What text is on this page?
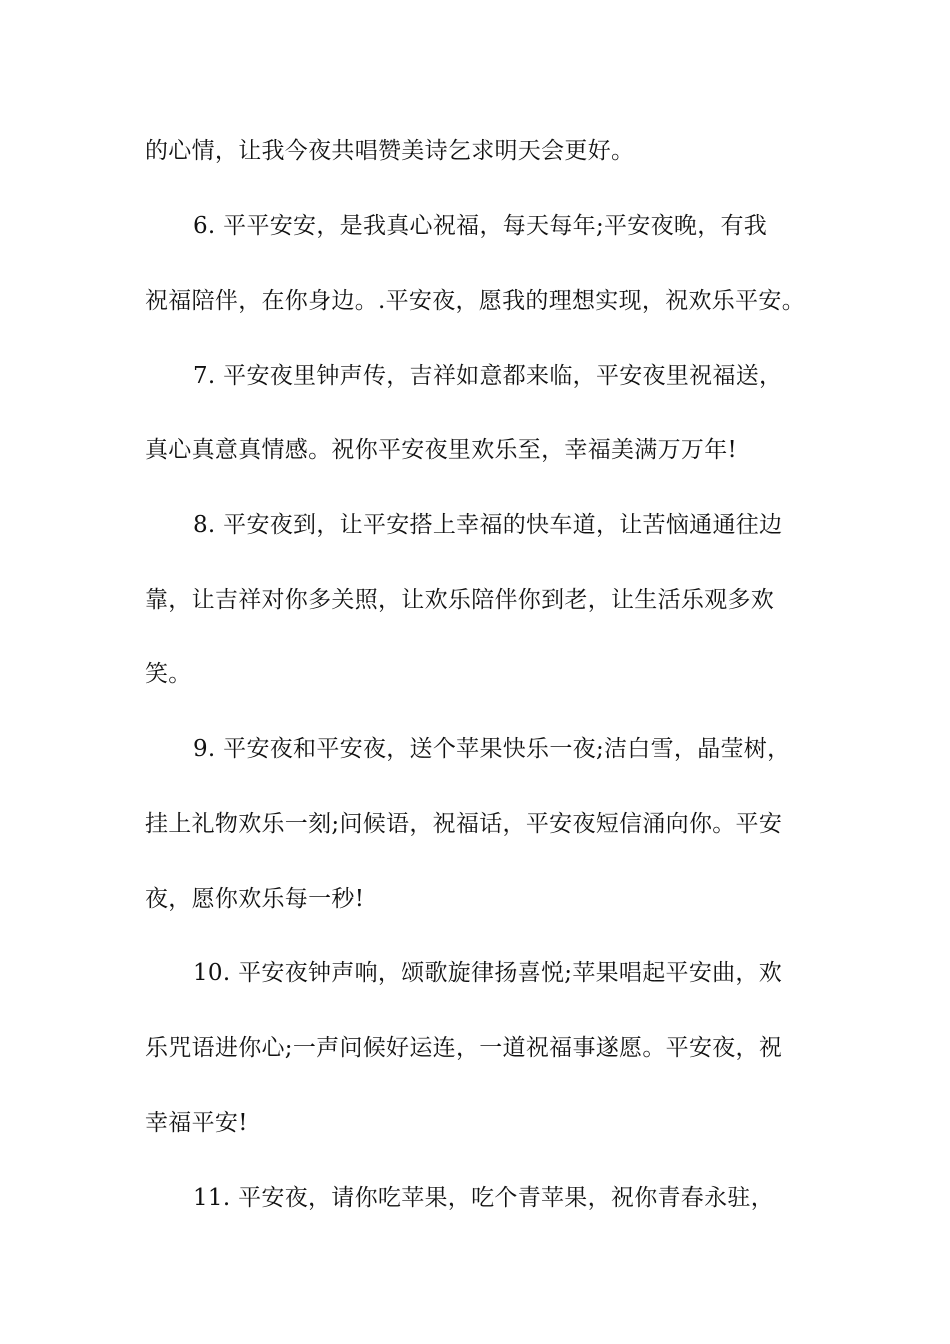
的心情，让我今夜共唱赞美诗乞求明天会更好。
6. 平平安安，是我真心祝福，每天每年;平安夜晚，有我
祝福陪伴，在你身边。.平安夜，愿我的理想实现，祝欢乐平安。
7. 平安夜里钟声传，吉祥如意都来临，平安夜里祝福送，
真心真意真情感。祝你平安夜里欢乐至，幸福美满万万年!
8. 平安夜到，让平安搭上幸福的快车道，让苦恼通通往边
靠，让吉祥对你多关照，让欢乐陪伴你到老，让生活乐观多欢
笑。
9. 平安夜和平安夜，送个苹果快乐一夜;洁白雪，晶莹树，
挂上礼物欢乐一刻;问候语，祝福话，平安夜短信涌向你。平安
夜，愿你欢乐每一秒!
10. 平安夜钟声响，颂歌旋律扬喜悦;苹果唱起平安曲，欢
乐咒语进你心;一声问候好运连，一道祝福事遂愿。平安夜，祝
幸福平安!
11. 平安夜，请你吃苹果，吃个青苹果，祝你青春永驻，
